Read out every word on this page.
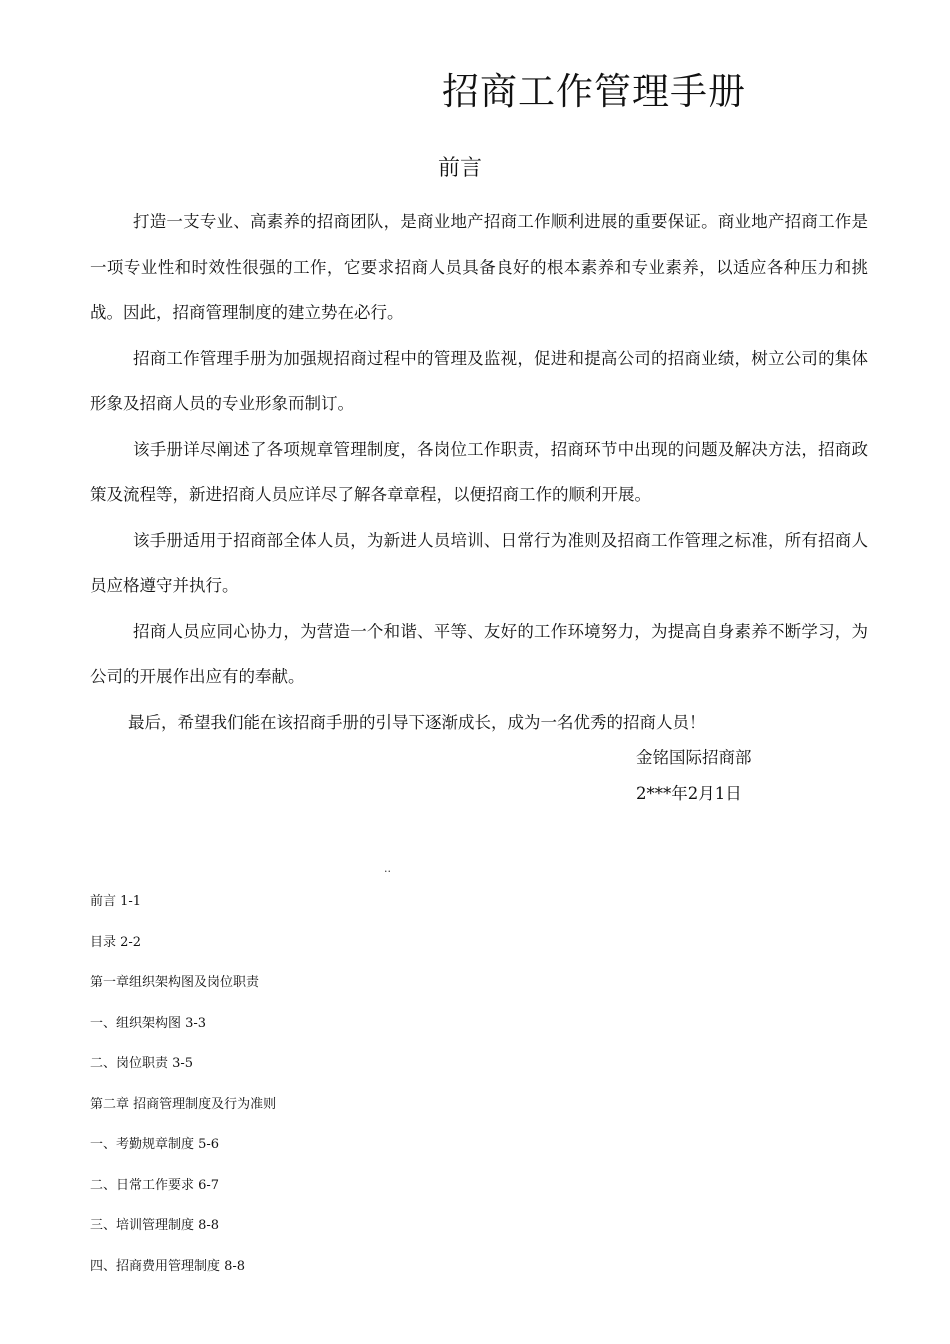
招商工作管理手册
前言

打造一支专业、高素养的招商团队，是商业地产招商工作顺利进展的重要保证。商业地产招商工作是一项专业性和时效性很强的工作，它要求招商人员具备良好的根本素养和专业素养，以适应各种压力和挑战。因此，招商管理制度的建立势在必行。

招商工作管理手册为加强规招商过程中的管理及监视，促进和提高公司的招商业绩，树立公司的集体形象及招商人员的专业形象而制订。

该手册详尽阐述了各项规章管理制度，各岗位工作职责，招商环节中出现的问题及解决方法，招商政策及流程等，新进招商人员应详尽了解各章章程，以便招商工作的顺利开展。

该手册适用于招商部全体人员，为新进人员培训、日常行为准则及招商工作管理之标准，所有招商人员应格遵守并执行。

招商人员应同心协力，为营造一个和谐、平等、友好的工作环境努力，为提高自身素养不断学习，为公司的开展作出应有的奉献。

最后，希望我们能在该招商手册的引导下逐渐成长，成为一名优秀的招商人员！

金铭国际招商部
2***年2月1日
..
前言 1-1
目录 2-2
第一章组织架构图及岗位职责
一、组织架构图 3-3
二、岗位职责 3-5
第二章 招商管理制度及行为准则
一、考勤规章制度 5-6
二、日常工作要求 6-7
三、培训管理制度 8-8
四、招商费用管理制度 8-8
